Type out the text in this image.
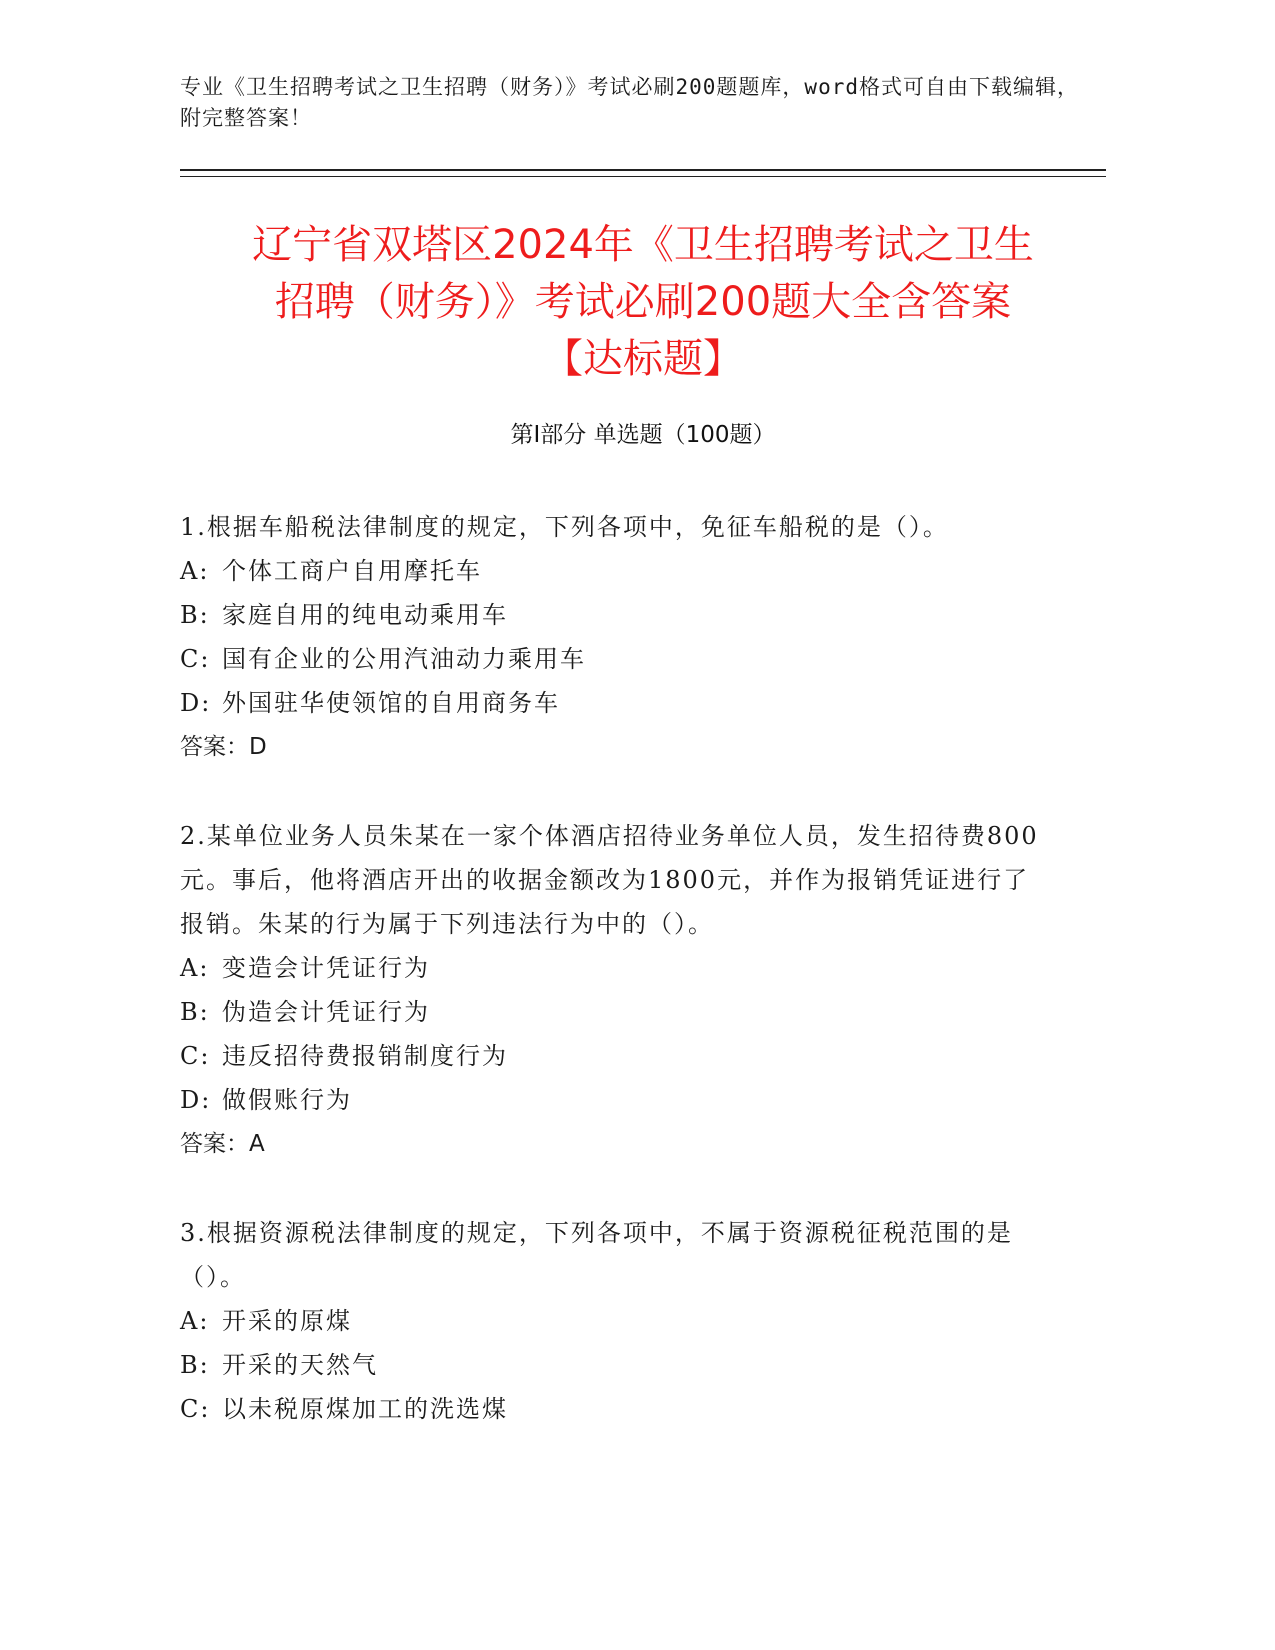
专业《卫生招聘考试之卫生招聘（财务）》考试必刷200题题库，word格式可自由下载编辑，附完整答案！
辽宁省双塔区2024年《卫生招聘考试之卫生
招聘（财务）》考试必刷200题大全含答案
【达标题】
第Ⅰ部分 单选题（100题）
1.根据车船税法律制度的规定，下列各项中，免征车船税的是（）。
A: 个体工商户自用摩托车
B: 家庭自用的纯电动乘用车
C: 国有企业的公用汽油动力乘用车
D: 外国驻华使领馆的自用商务车
答案：D
2.某单位业务人员朱某在一家个体酒店招待业务单位人员，发生招待费800元。事后，他将酒店开出的收据金额改为1800元，并作为报销凭证进行了报销。朱某的行为属于下列违法行为中的（）。
A: 变造会计凭证行为
B: 伪造会计凭证行为
C: 违反招待费报销制度行为
D: 做假账行为
答案：A
3.根据资源税法律制度的规定，下列各项中，不属于资源税征税范围的是（）。
A: 开采的原煤
B: 开采的天然气
C: 以未税原煤加工的洗选煤
